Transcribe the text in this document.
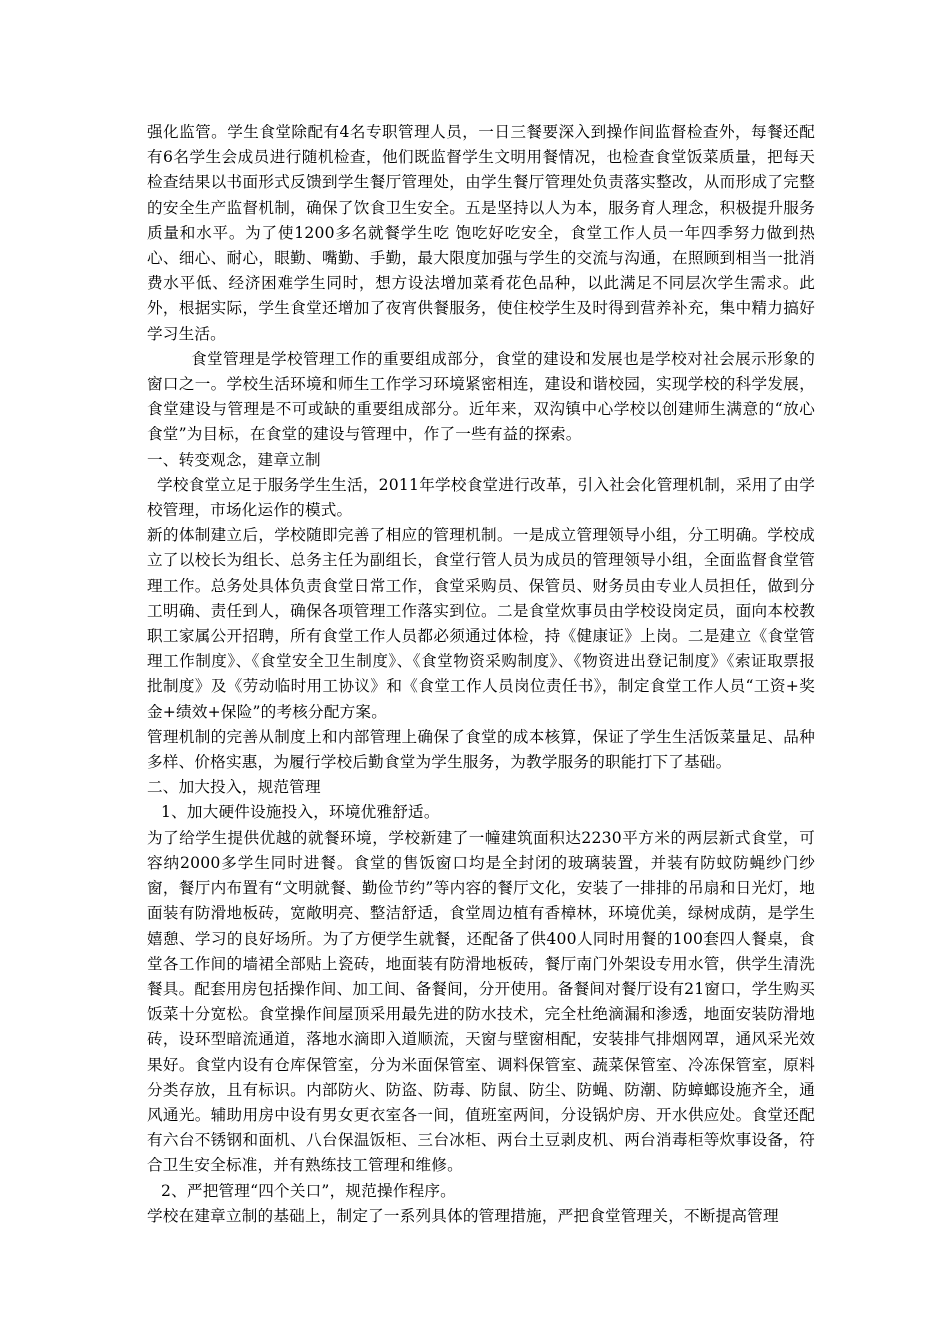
强化监管。学生食堂除配有4名专职管理人员，一日三餐要深入到操作间监督检查外，每餐还配有6名学生会成员进行随机检查，他们既监督学生文明用餐情况，也检查食堂饭菜质量，把每天检查结果以书面形式反馈到学生餐厅管理处，由学生餐厅管理处负责落实整改，从而形成了完整的安全生产监督机制，确保了饮食卫生安全。五是坚持以人为本，服务育人理念，积极提升服务质量和水平。为了使1200多名就餐学生吃 饱吃好吃安全，食堂工作人员一年四季努力做到热心、细心、耐心，眼勤、嘴勤、手勤，最大限度加强与学生的交流与沟通，在照顾到相当一批消费水平低、经济困难学生同时，想方设法增加菜肴花色品种，以此满足不同层次学生需求。此外，根据实际，学生食堂还增加了夜宵供餐服务，使住校学生及时得到营养补充，集中精力搞好学习生活。

食堂管理是学校管理工作的重要组成部分，食堂的建设和发展也是学校对社会展示形象的窗口之一。学校生活环境和师生工作学习环境紧密相连，建设和谐校园，实现学校的科学发展，食堂建设与管理是不可或缺的重要组成部分。近年来，双沟镇中心学校以创建师生满意的“放心食堂”为目标，在食堂的建设与管理中，作了一些有益的探索。

一、转变观念，建章立制

学校食堂立足于服务学生生活，2011年学校食堂进行改革，引入社会化管理机制，采用了由学校管理，市场化运作的模式。

新的体制建立后，学校随即完善了相应的管理机制。一是成立管理领导小组，分工明确。学校成立了以校长为组长、总务主任为副组长，食堂行管人员为成员的管理领导小组，全面监督食堂管理工作。总务处具体负责食堂日常工作，食堂采购员、保管员、财务员由专业人员担任，做到分工明确、责任到人，确保各项管理工作落实到位。二是食堂炊事员由学校设岗定员，面向本校教职工家属公开招聘，所有食堂工作人员都必须通过体检，持《健康证》上岗。二是建立《食堂管理工作制度》、《食堂安全卫生制度》、《食堂物资采购制度》、《物资进出登记制度》《索证取票报批制度》及《劳动临时用工协议》和《食堂工作人员岗位责任书》，制定食堂工作人员“工资+奖金+绩效+保险”的考核分配方案。

管理机制的完善从制度上和内部管理上确保了食堂的成本核算，保证了学生生活饭菜量足、品种多样、价格实惠，为履行学校后勤食堂为学生服务，为教学服务的职能打下了基础。

二、加大投入，规范管理

1、加大硬件设施投入，环境优雅舒适。

为了给学生提供优越的就餐环境，学校新建了一幢建筑面积达2230平方米的两层新式食堂，可容纳2000多学生同时进餐。食堂的售饭窗口均是全封闭的玻璃装置，并装有防蚊防蝇纱门纱窗，餐厅内布置有“文明就餐、勤俭节约”等内容的餐厅文化，安装了一排排的吊扇和日光灯，地面装有防滑地板砖，宽敞明亮、整洁舒适，食堂周边植有香樟林，环境优美，绿树成荫，是学生嬉憩、学习的良好场所。为了方便学生就餐，还配备了供400人同时用餐的100套四人餐桌，食堂各工作间的墙裙全部贴上瓷砖，地面装有防滑地板砖，餐厅南门外架设专用水管，供学生清洗餐具。配套用房包括操作间、加工间、备餐间，分开使用。备餐间对餐厅设有21窗口，学生购买饭菜十分宽松。食堂操作间屋顶采用最先进的防水技术，完全杜绝滴漏和渗透，地面安装防滑地砖，设环型暗流通道，落地水滴即入道顺流，天窗与壁窗相配，安装排气排烟网罩，通风采光效果好。食堂内设有仓库保管室，分为米面保管室、调料保管室、蔬菜保管室、冷冻保管室，原料分类存放，且有标识。内部防火、防盗、防毒、防鼠、防尘、防蝇、防潮、防蟑螂设施齐全，通风通光。辅助用房中设有男女更衣室各一间，值班室两间，分设锅炉房、开水供应处。食堂还配有六台不锈钢和面机、八台保温饭柜、三台冰柜、两台土豆剥皮机、两台消毒柜等炊事设备，符合卫生安全标准，并有熟练技工管理和维修。

2、严把管理“四个关口”，规范操作程序。

学校在建章立制的基础上，制定了一系列具体的管理措施，严把食堂管理关，不断提高管理
